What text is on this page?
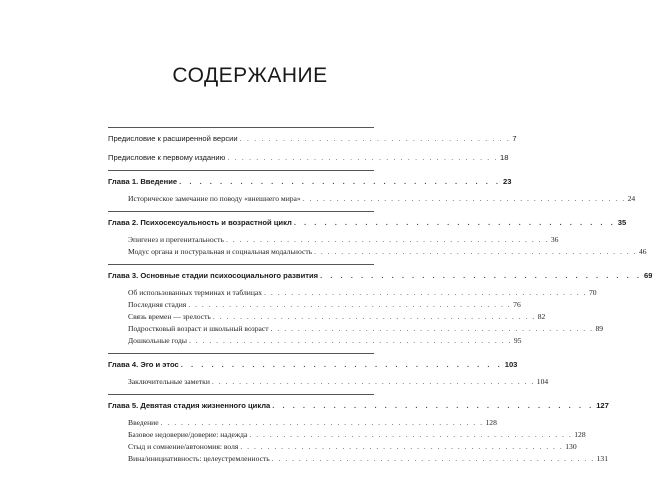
СОДЕРЖАНИЕ
Предисловие к расширенной версии . . . . . . . . . . . . . . . . . . . . . . . . . . . . . . . . . . . . . . 7
Предисловие к первому изданию . . . . . . . . . . . . . . . . . . . . . . . . . . . . . . . . . . . . . . 18
Глава 1. Введение . . . . . . . . . . . . . . . . . . . . . . . . . . . . . . . . 23
Историческое замечание по поводу «внешнего мира» . . . . . . . . . . . . . . . . . . . . . . . . . . . . . . . . . . . . . . . . . . . . . . . . 24
Глава 2. Психосексуальность и возрастной цикл . . . . . . . . . . . . . . . . . . . . . . . . . . . . . . . . 35
Эпигенез и прегенитальность . . . . . . . . . . . . . . . . . . . . . . . . . . . . . . . . . . . . . . . . . . . . . . . . 36
Модус органа и постуральная и социальная модальность . . . . . . . . . . . . . . . . . . . . . . . . . . . . . . . . . . . . . . . . . . . . . . . . 46
Глава 3. Основные стадии психосоциального развития . . . . . . . . . . . . . . . . . . . . . . . . . . . . . . . . 69
Об использованных терминах и таблицах . . . . . . . . . . . . . . . . . . . . . . . . . . . . . . . . . . . . . . . . . . . . . . . . 70
Последняя стадия . . . . . . . . . . . . . . . . . . . . . . . . . . . . . . . . . . . . . . . . . . . . . . . . 76
Связь времен — зрелость . . . . . . . . . . . . . . . . . . . . . . . . . . . . . . . . . . . . . . . . . . . . . . . . 82
Подростковый возраст и школьный возраст . . . . . . . . . . . . . . . . . . . . . . . . . . . . . . . . . . . . . . . . . . . . . . . . 89
Дошкольные годы . . . . . . . . . . . . . . . . . . . . . . . . . . . . . . . . . . . . . . . . . . . . . . . . 95
Глава 4. Эго и этос . . . . . . . . . . . . . . . . . . . . . . . . . . . . . . . . 103
Заключительные заметки . . . . . . . . . . . . . . . . . . . . . . . . . . . . . . . . . . . . . . . . . . . . . . . . 104
Глава 5. Девятая стадия жизненного цикла . . . . . . . . . . . . . . . . . . . . . . . . . . . . . . . . 127
Введение . . . . . . . . . . . . . . . . . . . . . . . . . . . . . . . . . . . . . . . . . . . . . . . . 128
Базовое недоверие/доверие: надежда . . . . . . . . . . . . . . . . . . . . . . . . . . . . . . . . . . . . . . . . . . . . . . . . 128
Стыд и сомнение/автономия: воля . . . . . . . . . . . . . . . . . . . . . . . . . . . . . . . . . . . . . . . . . . . . . . . . 130
Вина/инициативность: целеустремленность . . . . . . . . . . . . . . . . . . . . . . . . . . . . . . . . . . . . . . . . . . . . . . . . 131
